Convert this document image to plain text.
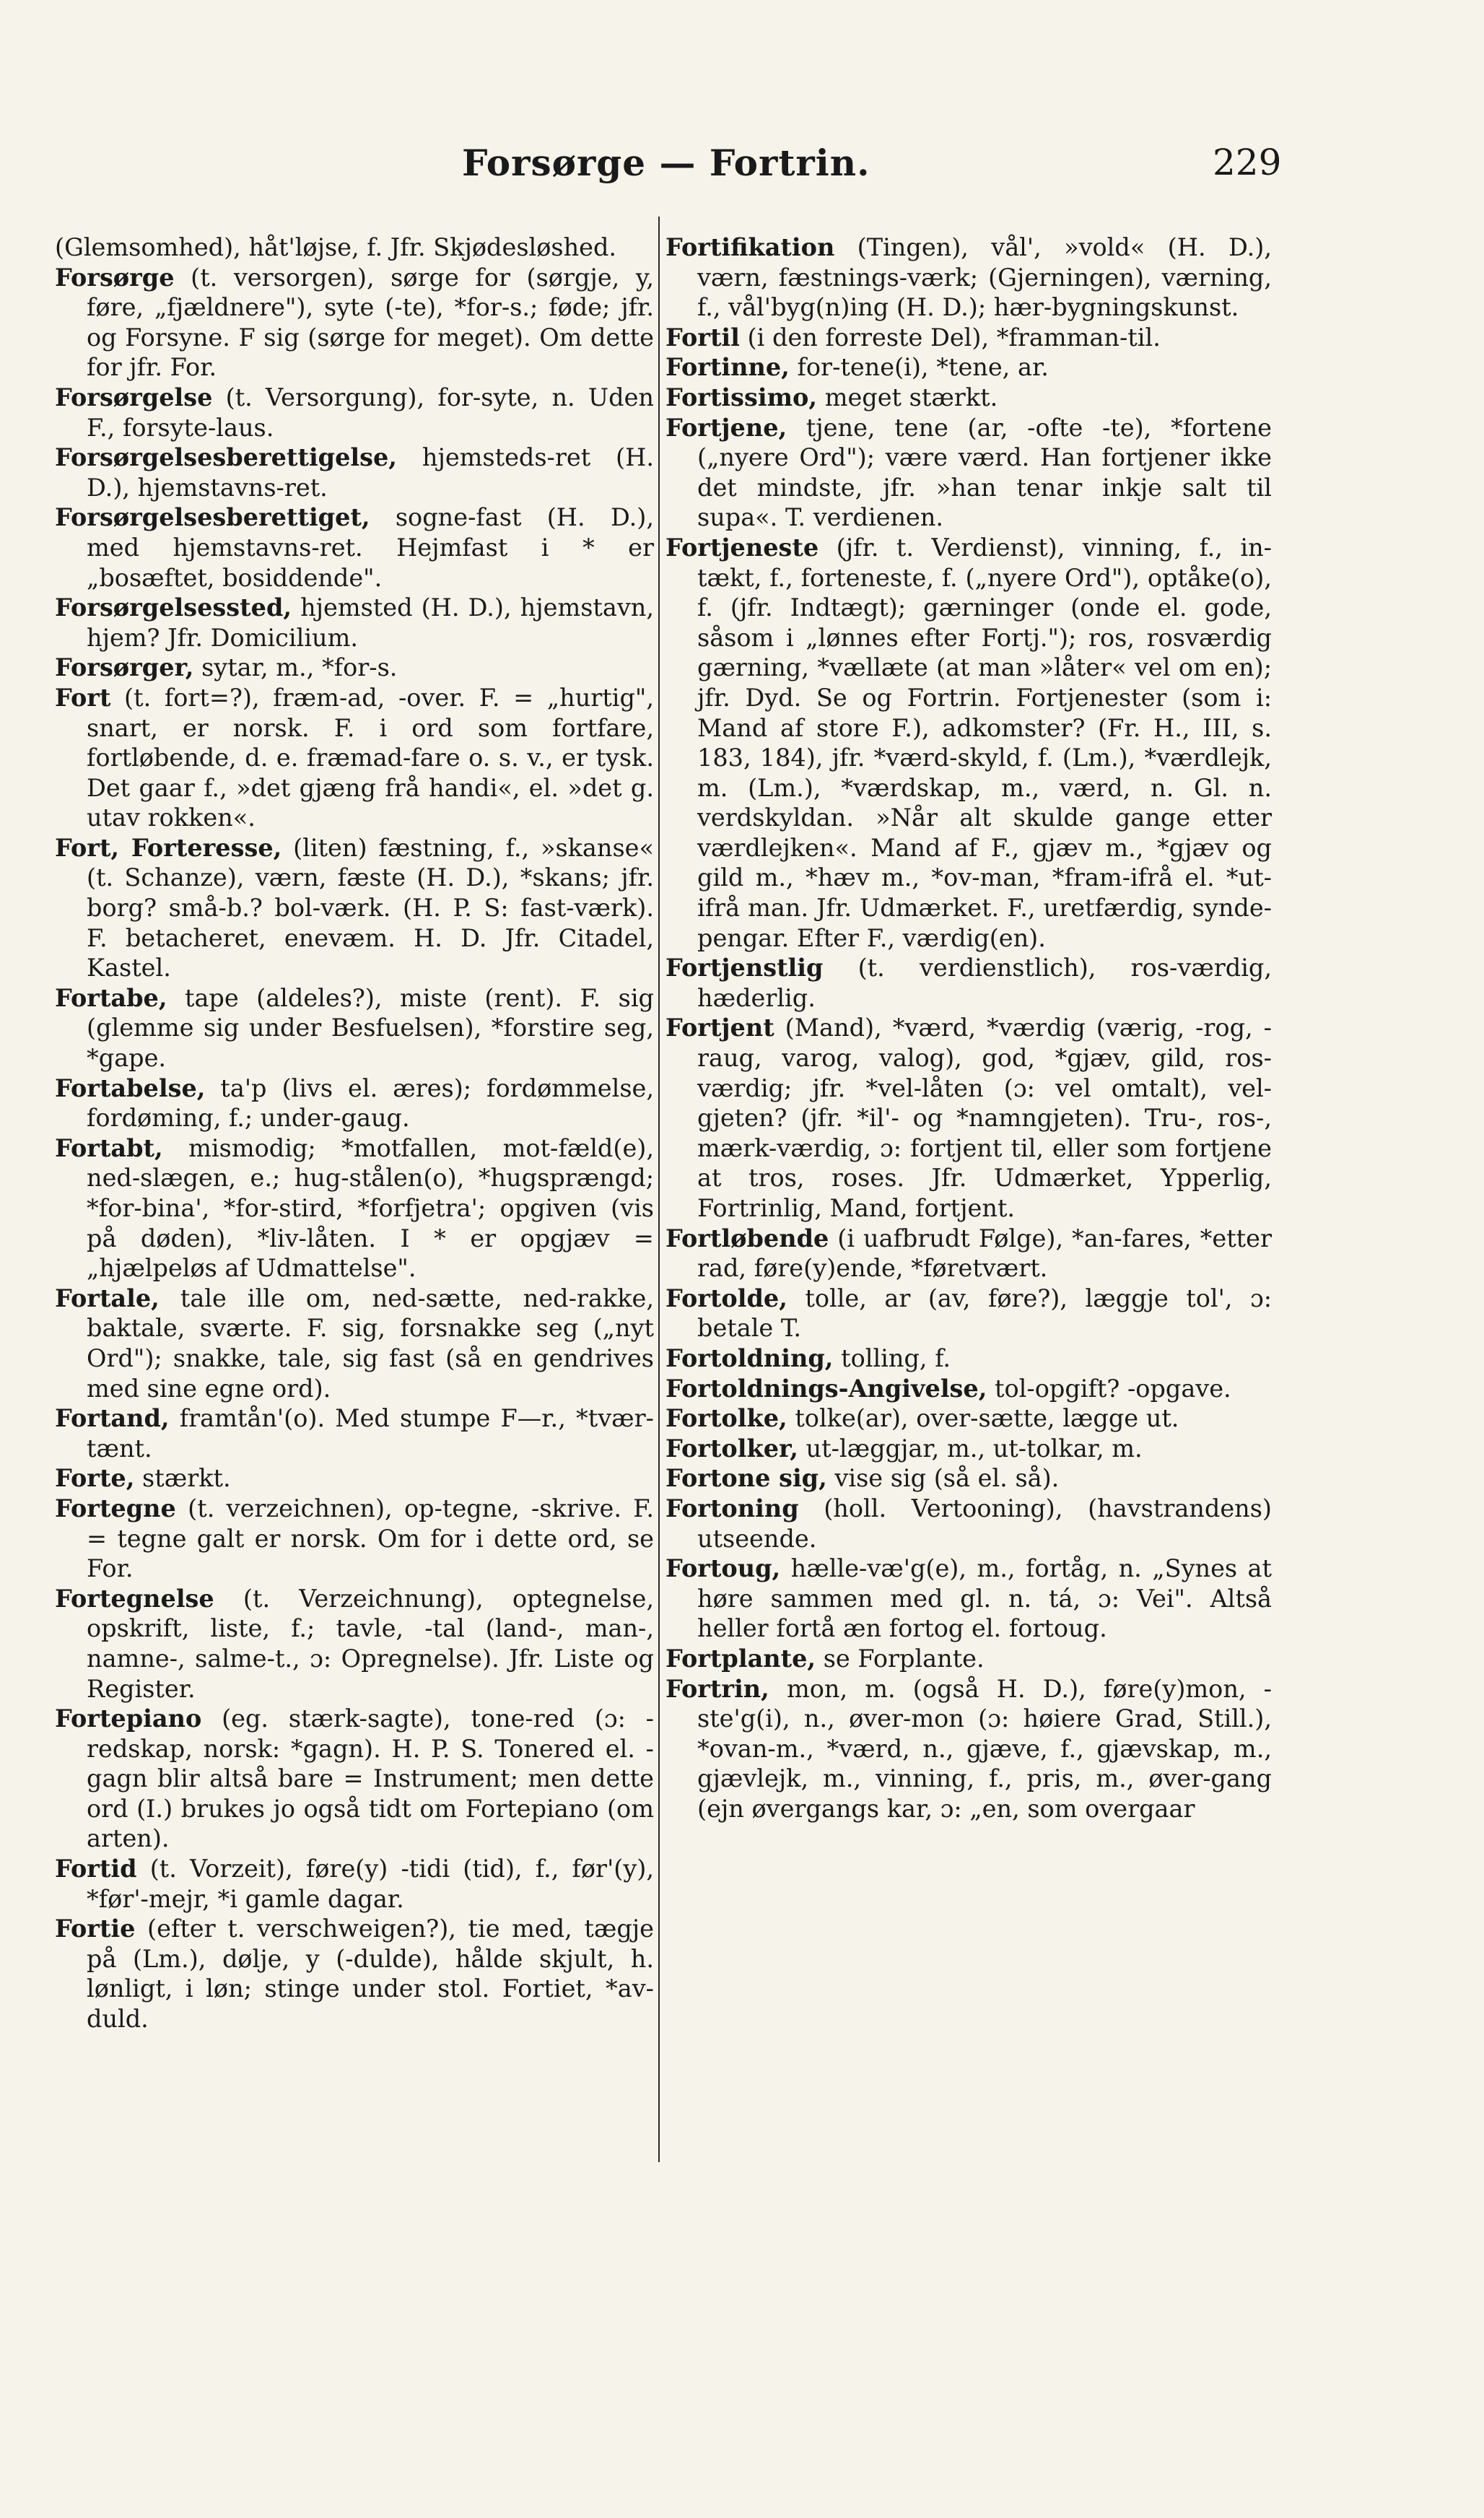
Forsørge — Fortrin.	229

(Glemsomhed), håt'løjse, f. Jfr. Skjødesløshed.

Forsørge (t. versorgen), sørge for (sørgje, y, føre, „fjældnere"), syte (-te), *for-s.; føde; jfr. og Forsyne. F sig (sørge for meget). Om dette for jfr. For.

Forsørgelse (t. Versorgung), for-syte, n. Uden F., forsyte-laus.

Forsørgelsesberettigelse, hjemsteds-ret (H. D.), hjemstavns-ret.

Forsørgelsesberettiget, sogne-fast (H. D.), med hjemstavns-ret. Hejmfast i * er „bosæftet, bosiddende".

Forsørgelsessted, hjemsted (H. D.), hjemstavn, hjem? Jfr. Domicilium.

Forsørger, sytar, m., *for-s.

Fort (t. fort=?), fræm-ad, -over. F. = „hurtig", snart, er norsk. F. i ord som fortfare, fortløbende, d. e. fræmad-fare o. s. v., er tysk. Det gaar f., »det gjæng frå handi«, el. »det g. utav rokken«.

Fort, Forteresse, (liten) fæstning, f., »skanse« (t. Schanze), værn, fæste (H. D.), *skans; jfr. borg? små-b.? bol-værk. (H. P. S: fast-værk). F. betacheret, enevæm. H. D. Jfr. Citadel, Kastel.

Fortabe, tape (aldeles?), miste (rent). F. sig (glemme sig under Besfuelsen), *forstire seg, *gape.

Fortabelse, ta'p (livs el. æres); fordømmelse, fordøming, f.; under-gaug.

Fortabt, mismodig; *motfallen, mot-fæld(e), ned-slægen, e.; hug-stålen(o), *hugsprængd; *for-bina', *for-stird, *forfjetra'; opgiven (vis på døden), *liv-låten. I * er opgjæv = „hjælpeløs af Udmattelse".

Fortale, tale ille om, ned-sætte, ned-rakke, baktale, sværte. F. sig, forsnakke seg („nyt Ord"); snakke, tale, sig fast (så en gendrives med sine egne ord).

Fortand, framtån'(o). Med stumpe F—r., *tvær-tænt.

Forte, stærkt.

Fortegne (t. verzeichnen), op-tegne, -skrive. F. = tegne galt er norsk. Om for i dette ord, se For.

Fortegnelse (t. Verzeichnung), optegnelse, opskrift, liste, f.; tavle, -tal (land-, man-, namne-, salme-t., ɔ: Opregnelse). Jfr. Liste og Register.

Fortepiano (eg. stærk-sagte), tone-red (ɔ: -redskap, norsk: *gagn). H. P. S. Tonered el. -gagn blir altså bare = Instrument; men dette ord (I.) brukes jo også tidt om Fortepiano (om arten).

Fortid (t. Vorzeit), føre(y) -tidi (tid), f., før'(y), *før'-mejr, *i gamle dagar.

Fortie (efter t. verschweigen?), tie med, tægje på (Lm.), dølje, y (-dulde), hålde skjult, h. lønligt, i løn; stinge under stol. Fortiet, *av-duld.

Fortifikation (Tingen), vål', »vold« (H. D.), værn, fæstnings-værk; (Gjerningen), værning, f., vål'byg(n)ing (H. D.); hær-bygningskunst.

Fortil (i den forreste Del), *framman-til.

Fortinne, for-tene(i), *tene, ar.

Fortissimo, meget stærkt.

Fortjene, tjene, tene (ar, -ofte -te), *fortene („nyere Ord"); være værd. Han fortjener ikke det mindste, jfr. »han tenar inkje salt til supa«. T. verdienen.

Fortjeneste (jfr. t. Verdienst), vinning, f., in-tækt, f., forteneste, f. („nyere Ord"), optåke(o), f. (jfr. Indtægt); gærninger (onde el. gode, såsom i „lønnes efter Fortj."); ros, rosværdig gærning, *vællæte (at man »låter« vel om en); jfr. Dyd. Se og Fortrin. Fortjenester (som i: Mand af store F.), adkomster? (Fr. H., III, s. 183, 184), jfr. *værd-skyld, f. (Lm.), *værdlejk, m. (Lm.), *værdskap, m., værd, n. Gl. n. verdskyldan. »Når alt skulde gange etter værdlejken«. Mand af F., gjæv m., *gjæv og gild m., *hæv m., *ov-man, *fram-ifrå el. *ut-ifrå man. Jfr. Udmærket. F., uretfærdig, synde-pengar. Efter F., værdig(en).

Fortjenstlig (t. verdienstlich), ros-værdig, hæderlig.

Fortjent (Mand), *værd, *værdig (værig, -rog, -raug, varog, valog), god, *gjæv, gild, ros-værdig; jfr. *vel-låten (ɔ: vel omtalt), vel-gjeten? (jfr. *il'- og *namngjeten). Tru-, ros-, mærk-værdig, ɔ: fortjent til, eller som fortjene at tros, roses. Jfr. Udmærket, Ypperlig, Fortrinlig, Mand, fortjent.

Fortløbende (i uafbrudt Følge), *an-fares, *etter rad, føre(y)ende, *føretvært.

Fortolde, tolle, ar (av, føre?), læggje tol', ɔ: betale T.

Fortoldning, tolling, f.

Fortoldnings-Angivelse, tol-opgift? -opgave.

Fortolke, tolke(ar), over-sætte, lægge ut.

Fortolker, ut-læggjar, m., ut-tolkar, m.

Fortone sig, vise sig (så el. så).

Fortoning (holl. Vertooning), (havstrandens) utseende.

Fortoug, hælle-væ'g(e), m., fortåg, n. „Synes at høre sammen med gl. n. tá, ɔ: Vei". Altså heller fortå æn fortog el. fortoug.

Fortplante, se Forplante.

Fortrin, mon, m. (også H. D.), føre(y)mon, -ste'g(i), n., øver-mon (ɔ: høiere Grad, Still.), *ovan-m., *værd, n., gjæve, f., gjævskap, m., gjævlejk, m., vinning, f., pris, m., øver-gang (ejn øvergangs kar, ɔ: „en, som overgaar
